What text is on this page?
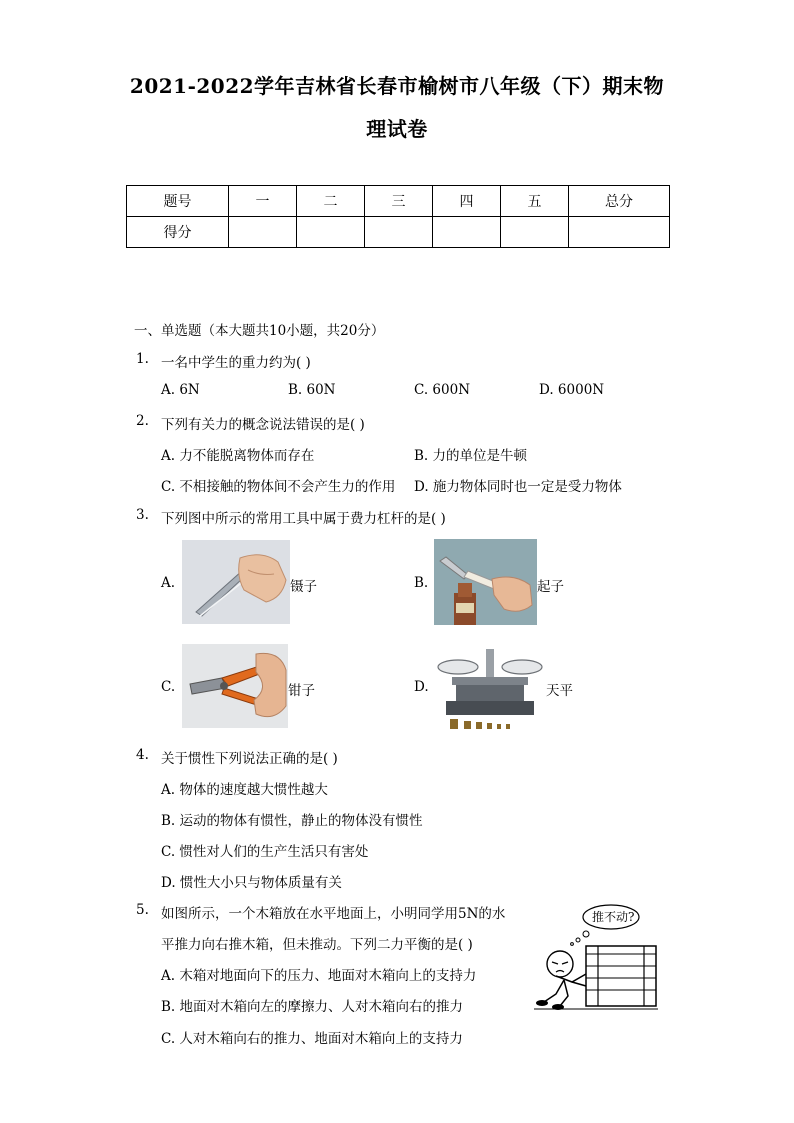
2021-2022学年吉林省长春市榆树市八年级（下）期末物
理试卷
题号	一	二	三	四	五	总分
得分						
一、单选题（本大题共10小题，共20分）
1. 一名中学生的重力约为( )
A. 6N	B. 60N	C. 600N	D. 6000N
2. 下列有关力的概念说法错误的是( )
A. 力不能脱离物体而存在	B. 力的单位是牛顿
C. 不相接触的物体间不会产生力的作用 D. 施力物体同时也一定是受力物体
3. 下列图中所示的常用工具中属于费力杠杆的是( )
A.	镊子	B.	起子
C.	钳子	D.	天平
4. 关于惯性下列说法正确的是( )
A. 物体的速度越大惯性越大
B. 运动的物体有惯性，静止的物体没有惯性
C. 惯性对人们的生产生活只有害处
D. 惯性大小只与物体质量有关
5. 如图所示，一个木箱放在水平地面上，小明同学用5N的水
平推力向右推木箱，但未推动。下列二力平衡的是( )
A. 木箱对地面向下的压力、地面对木箱向上的支持力
B. 地面对木箱向左的摩擦力、人对木箱向右的推力
C. 人对木箱向右的推力、地面对木箱向上的支持力
推不动?
